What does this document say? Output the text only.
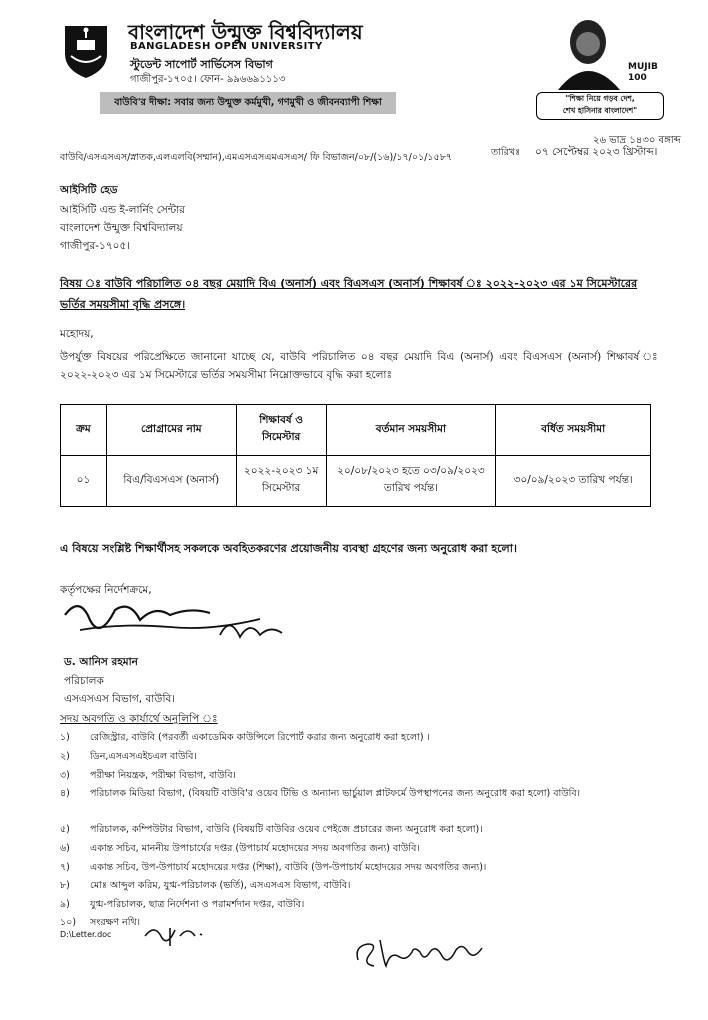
বাংলাদেশ উন্মুক্ত বিশ্ববিদ্যালয়
BANGLADESH OPEN UNIVERSITY
স্টুডেন্ট সাপোর্ট সার্ভিসেস বিভাগ
গাজীপুর-১৭০৫। ফোন- ৯৯৬৬৯১১১৩
বাউবি'র দীক্ষা: সবার জন্য উন্মুক্ত কর্মমুখী, গণমুখী ও জীবনব্যাপী শিক্ষা
MUJIB 100
"শিক্ষা নিয়ে গড়ব দেশ,
শেখ হাসিনার বাংলাদেশ"
২৬ ভাদ্র ১৪৩০ বঙ্গাব্দ
বাউবি/এসএসএস/স্নাতক,এলএলবি(সম্মান),এমএসএসএমএসএস/ ফি বিভাজন/০৮/(১৬)/১৭/০১/১৫৮৭	তারিখঃ ০৭ সেপ্টেম্বর ২০২৩ খ্রিস্টাব্দ।
আইসিটি হেড
আইসিটি এন্ড ই-লার্নিং সেন্টার
বাংলাদেশ উন্মুক্ত বিশ্ববিদ্যালয়
গাজীপুর-১৭০৫।
বিষয় ঃ বাউবি পরিচালিত ০৪ বছর মেয়াদি বিএ (অনার্স) এবং বিএসএস (অনার্স) শিক্ষাবর্ষ ঃ ২০২২-২০২৩ এর ১ম সিমেস্টারের ভর্তির সময়সীমা বৃদ্ধি প্রসঙ্গে।
মহোদয়,
উপর্যুক্ত বিষয়ের পরিপ্রেক্ষিতে জানানো যাচ্ছে যে, বাউবি পরিচালিত ০৪ বছর মেয়াদি বিএ (অনার্স) এবং বিএসএস (অনার্স) শিক্ষাবর্ষ ঃ ২০২২-২০২৩ এর ১ম সিমেস্টারে ভর্তির সময়সীমা নিম্নোক্তভাবে বৃদ্ধি করা হলোঃ
ক্রম	প্রোগ্রামের নাম	শিক্ষাবর্ষ ও সিমেস্টার	বর্তমান সময়সীমা	বর্ধিত সময়সীমা
০১	বিএ/বিএসএস (অনার্স)	২০২২-২০২৩ ১ম সিমেস্টার	২০/০৮/২০২৩ হতে ০৩/০৯/২০২৩ তারিখ পর্যন্ত।	৩০/০৯/২০২৩ তারিখ পর্যন্ত।
এ বিষয়ে সংশ্লিষ্ট শিক্ষার্থীসহ সকলকে অবহিতকরণের প্রয়োজনীয় ব্যবস্থা গ্রহণের জন্য অনুরোধ করা হলো।
কর্তৃপক্ষের নির্দেশক্রমে,
ড. আনিস রহমান
পরিচালক
এসএসএস বিভাগ, বাউবি।
সদয় অবগতি ও কার্যার্থে অনুলিপি ঃ
১)	রেজিস্ট্রার, বাউবি (পরবর্তী একাডেমিক কাউন্সিলে রিপোর্ট করার জন্য অনুরোধ করা হলো) ।
২)	ডিন,এসএসএইচএল বাউবি।
৩)	পরীক্ষা নিয়ন্ত্রক, পরীক্ষা বিভাগ, বাউবি।
৪)	পরিচালক মিডিয়া বিভাগ, (বিষয়টি বাউবি'র ওয়েব টিভি ও অন্যান্য ভার্চুয়াল প্লাটফর্মে উপস্থাপনের জন্য অনুরোধ করা হলো) বাউবি।
৫)	পরিচালক, কম্পিউটার বিভাগ, বাউবি (বিষয়টি বাউবির ওয়েব পেইজে প্রচারের জন্য অনুরোধ করা হলো)।
৬)	একান্ত সচিব, মাননীয় উপাচার্যের দপ্তর (উপাচার্য মহোদয়ের সদয় অবগতির জন্য) বাউবি।
৭)	একান্ত সচিব, উপ-উপাচার্য মহোদয়ের দপ্তর (শিক্ষা), বাউবি (উপ-উপাচার্য মহোদয়ের সদয় অবগতির জন্য)।
৮)	মোঃ আব্দুল করিম, যুগ্ম-পরিচালক (ভর্তি), এসএসএস বিভাগ, বাউবি।
৯)	যুগ্ম-পরিচালক, ছাত্র নির্দেশনা ও পরামর্শদান দপ্তর, বাউবি।
১০)	সংরক্ষণ নথি।
D:\Letter.doc
